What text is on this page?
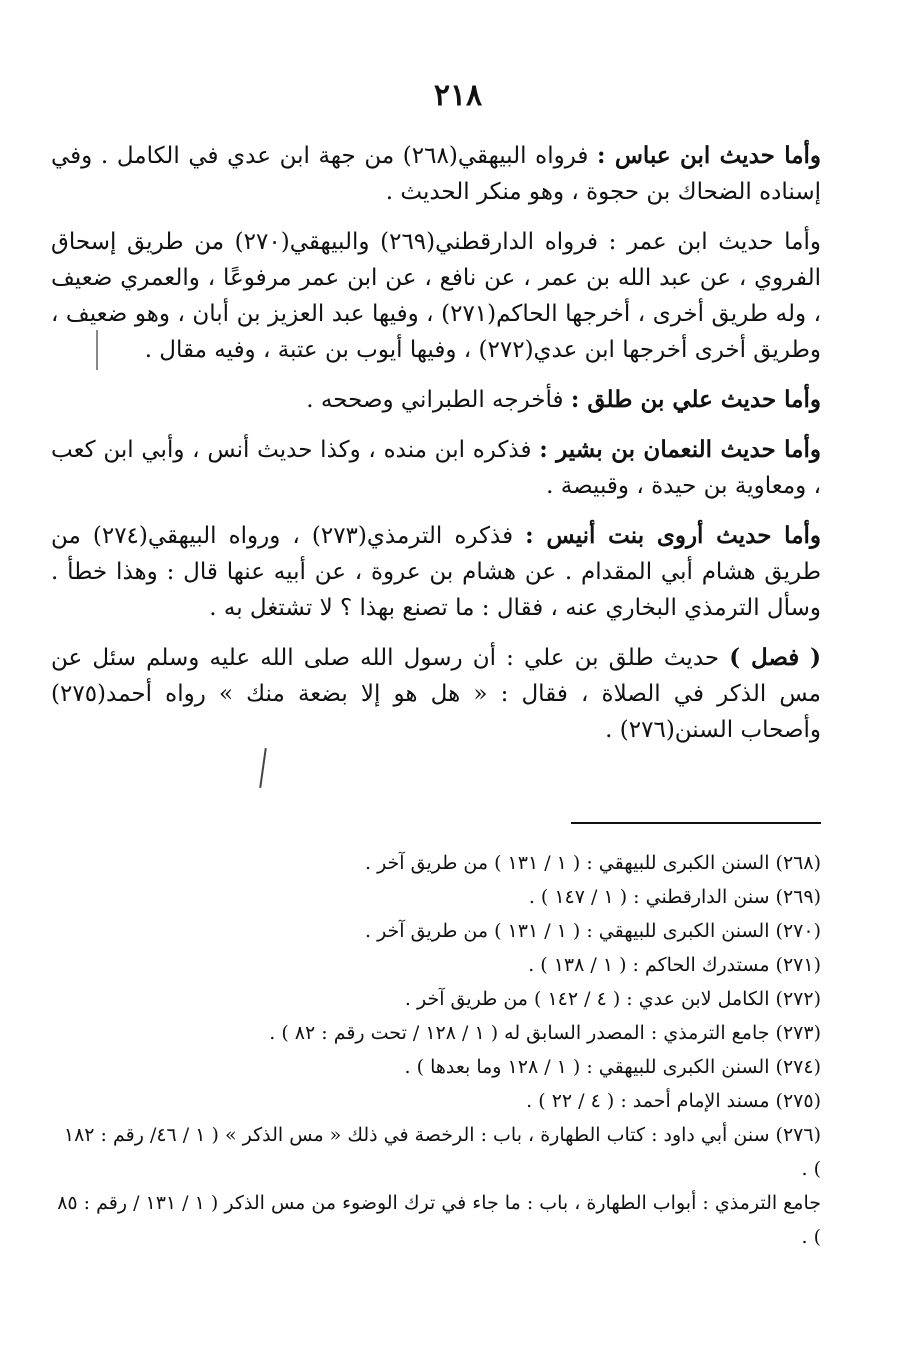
٢١٨

وأما حديث ابن عباس : فرواه البيهقي(٢٦٨) من جهة ابن عدي في الكامل . وفي إسناده الضحاك بن حجوة ، وهو منكر الحديث .

وأما حديث ابن عمر : فرواه الدارقطني(٢٦٩) والبيهقي(٢٧٠) من طريق إسحاق الفروي ، عن عبد الله بن عمر ، عن نافع ، عن ابن عمر مرفوعًا ، والعمري ضعيف ، وله طريق أخرى ، أخرجها الحاكم(٢٧١) ، وفيها عبد العزيز بن أبان ، وهو ضعيف ، وطريق أخرى أخرجها ابن عدي(٢٧٢) ، وفيها أيوب بن عتبة ، وفيه مقال .

وأما حديث علي بن طلق : فأخرجه الطبراني وصححه .

وأما حديث النعمان بن بشير : فذكره ابن منده ، وكذا حديث أنس ، وأبي ابن كعب ، ومعاوية بن حيدة ، وقبيصة .

وأما حديث أروى بنت أنيس : فذكره الترمذي(٢٧٣) ، ورواه البيهقي(٢٧٤) من طريق هشام أبي المقدام . عن هشام بن عروة ، عن أبيه عنها قال : وهذا خطأ . وسأل الترمذي البخاري عنه ، فقال : ما تصنع بهذا ؟ لا تشتغل به .

( فصل ) حديث طلق بن علي : أن رسول الله صلى الله عليه وسلم سئل عن مس الذكر في الصلاة ، فقال : « هل هو إلا بضعة منك » رواه أحمد(٢٧٥) وأصحاب السنن(٢٧٦) .

(٢٦٨) السنن الكبرى للبيهقي : ( ١ / ١٣١ ) من طريق آخر .

(٢٦٩) سنن الدارقطني : ( ١ / ١٤٧ ) .

(٢٧٠) السنن الكبرى للبيهقي : ( ١ / ١٣١ ) من طريق آخر .

(٢٧١) مستدرك الحاكم : ( ١ / ١٣٨ ) .

(٢٧٢) الكامل لابن عدي : ( ٤ / ١٤٢ ) من طريق آخر .

(٢٧٣) جامع الترمذي : المصدر السابق له ( ١ / ١٢٨ / تحت رقم : ٨٢ ) .

(٢٧٤) السنن الكبرى للبيهقي : ( ١ / ١٢٨ وما بعدها ) .

(٢٧٥) مسند الإمام أحمد : ( ٤ / ٢٢ ) .

(٢٧٦) سنن أبي داود : كتاب الطهارة ، باب : الرخصة في ذلك « مس الذكر » ( ١ / ٤٦/ رقم : ١٨٢ ) .

جامع الترمذي : أبواب الطهارة ، باب : ما جاء في ترك الوضوء من مس الذكر ( ١ / ١٣١ / رقم : ٨٥ ) .
